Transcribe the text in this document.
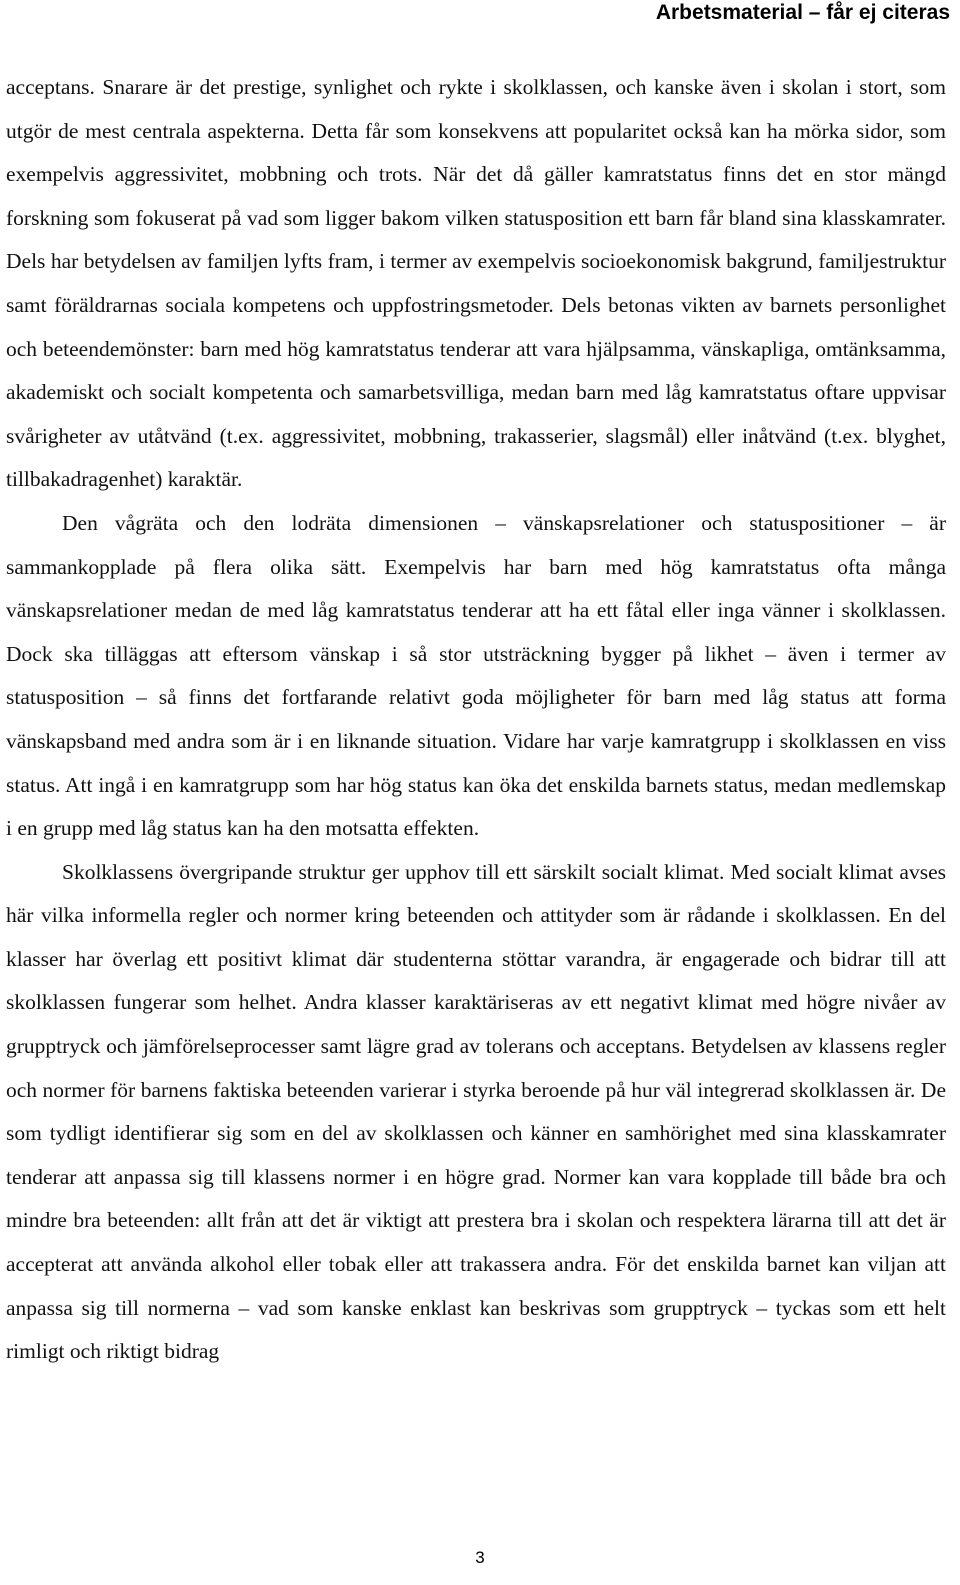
Arbetsmaterial – får ej citeras

acceptans. Snarare är det prestige, synlighet och rykte i skolklassen, och kanske även i skolan i stort, som utgör de mest centrala aspekterna. Detta får som konsekvens att popularitet också kan ha mörka sidor, som exempelvis aggressivitet, mobbning och trots. När det då gäller kamratstatus finns det en stor mängd forskning som fokuserat på vad som ligger bakom vilken statusposition ett barn får bland sina klasskamrater. Dels har betydelsen av familjen lyfts fram, i termer av exempelvis socioekonomisk bakgrund, familjestruktur samt föräldrarnas sociala kompetens och uppfostringsmetoder. Dels betonas vikten av barnets personlighet och beteendemönster: barn med hög kamratstatus tenderar att vara hjälpsamma, vänskapliga, omtänksamma, akademiskt och socialt kompetenta och samarbetsvilliga, medan barn med låg kamratstatus oftare uppvisar svårigheter av utåtvänd (t.ex. aggressivitet, mobbning, trakasserier, slagsmål) eller inåtvänd (t.ex. blyghet, tillbakadragenhet) karaktär.

Den vågräta och den lodräta dimensionen – vänskapsrelationer och statuspositioner – är sammankopplade på flera olika sätt. Exempelvis har barn med hög kamratstatus ofta många vänskapsrelationer medan de med låg kamratstatus tenderar att ha ett fåtal eller inga vänner i skolklassen. Dock ska tilläggas att eftersom vänskap i så stor utsträckning bygger på likhet – även i termer av statusposition – så finns det fortfarande relativt goda möjligheter för barn med låg status att forma vänskapsband med andra som är i en liknande situation. Vidare har varje kamratgrupp i skolklassen en viss status. Att ingå i en kamratgrupp som har hög status kan öka det enskilda barnets status, medan medlemskap i en grupp med låg status kan ha den motsatta effekten.

Skolklassens övergripande struktur ger upphov till ett särskilt socialt klimat. Med socialt klimat avses här vilka informella regler och normer kring beteenden och attityder som är rådande i skolklassen. En del klasser har överlag ett positivt klimat där studenterna stöttar varandra, är engagerade och bidrar till att skolklassen fungerar som helhet. Andra klasser karaktäriseras av ett negativt klimat med högre nivåer av grupptryck och jämförelseprocesser samt lägre grad av tolerans och acceptans. Betydelsen av klassens regler och normer för barnens faktiska beteenden varierar i styrka beroende på hur väl integrerad skolklassen är. De som tydligt identifierar sig som en del av skolklassen och känner en samhörighet med sina klasskamrater tenderar att anpassa sig till klassens normer i en högre grad. Normer kan vara kopplade till både bra och mindre bra beteenden: allt från att det är viktigt att prestera bra i skolan och respektera lärarna till att det är accepterat att använda alkohol eller tobak eller att trakassera andra. För det enskilda barnet kan viljan att anpassa sig till normerna – vad som kanske enklast kan beskrivas som grupptryck – tyckas som ett helt rimligt och riktigt bidrag

3
